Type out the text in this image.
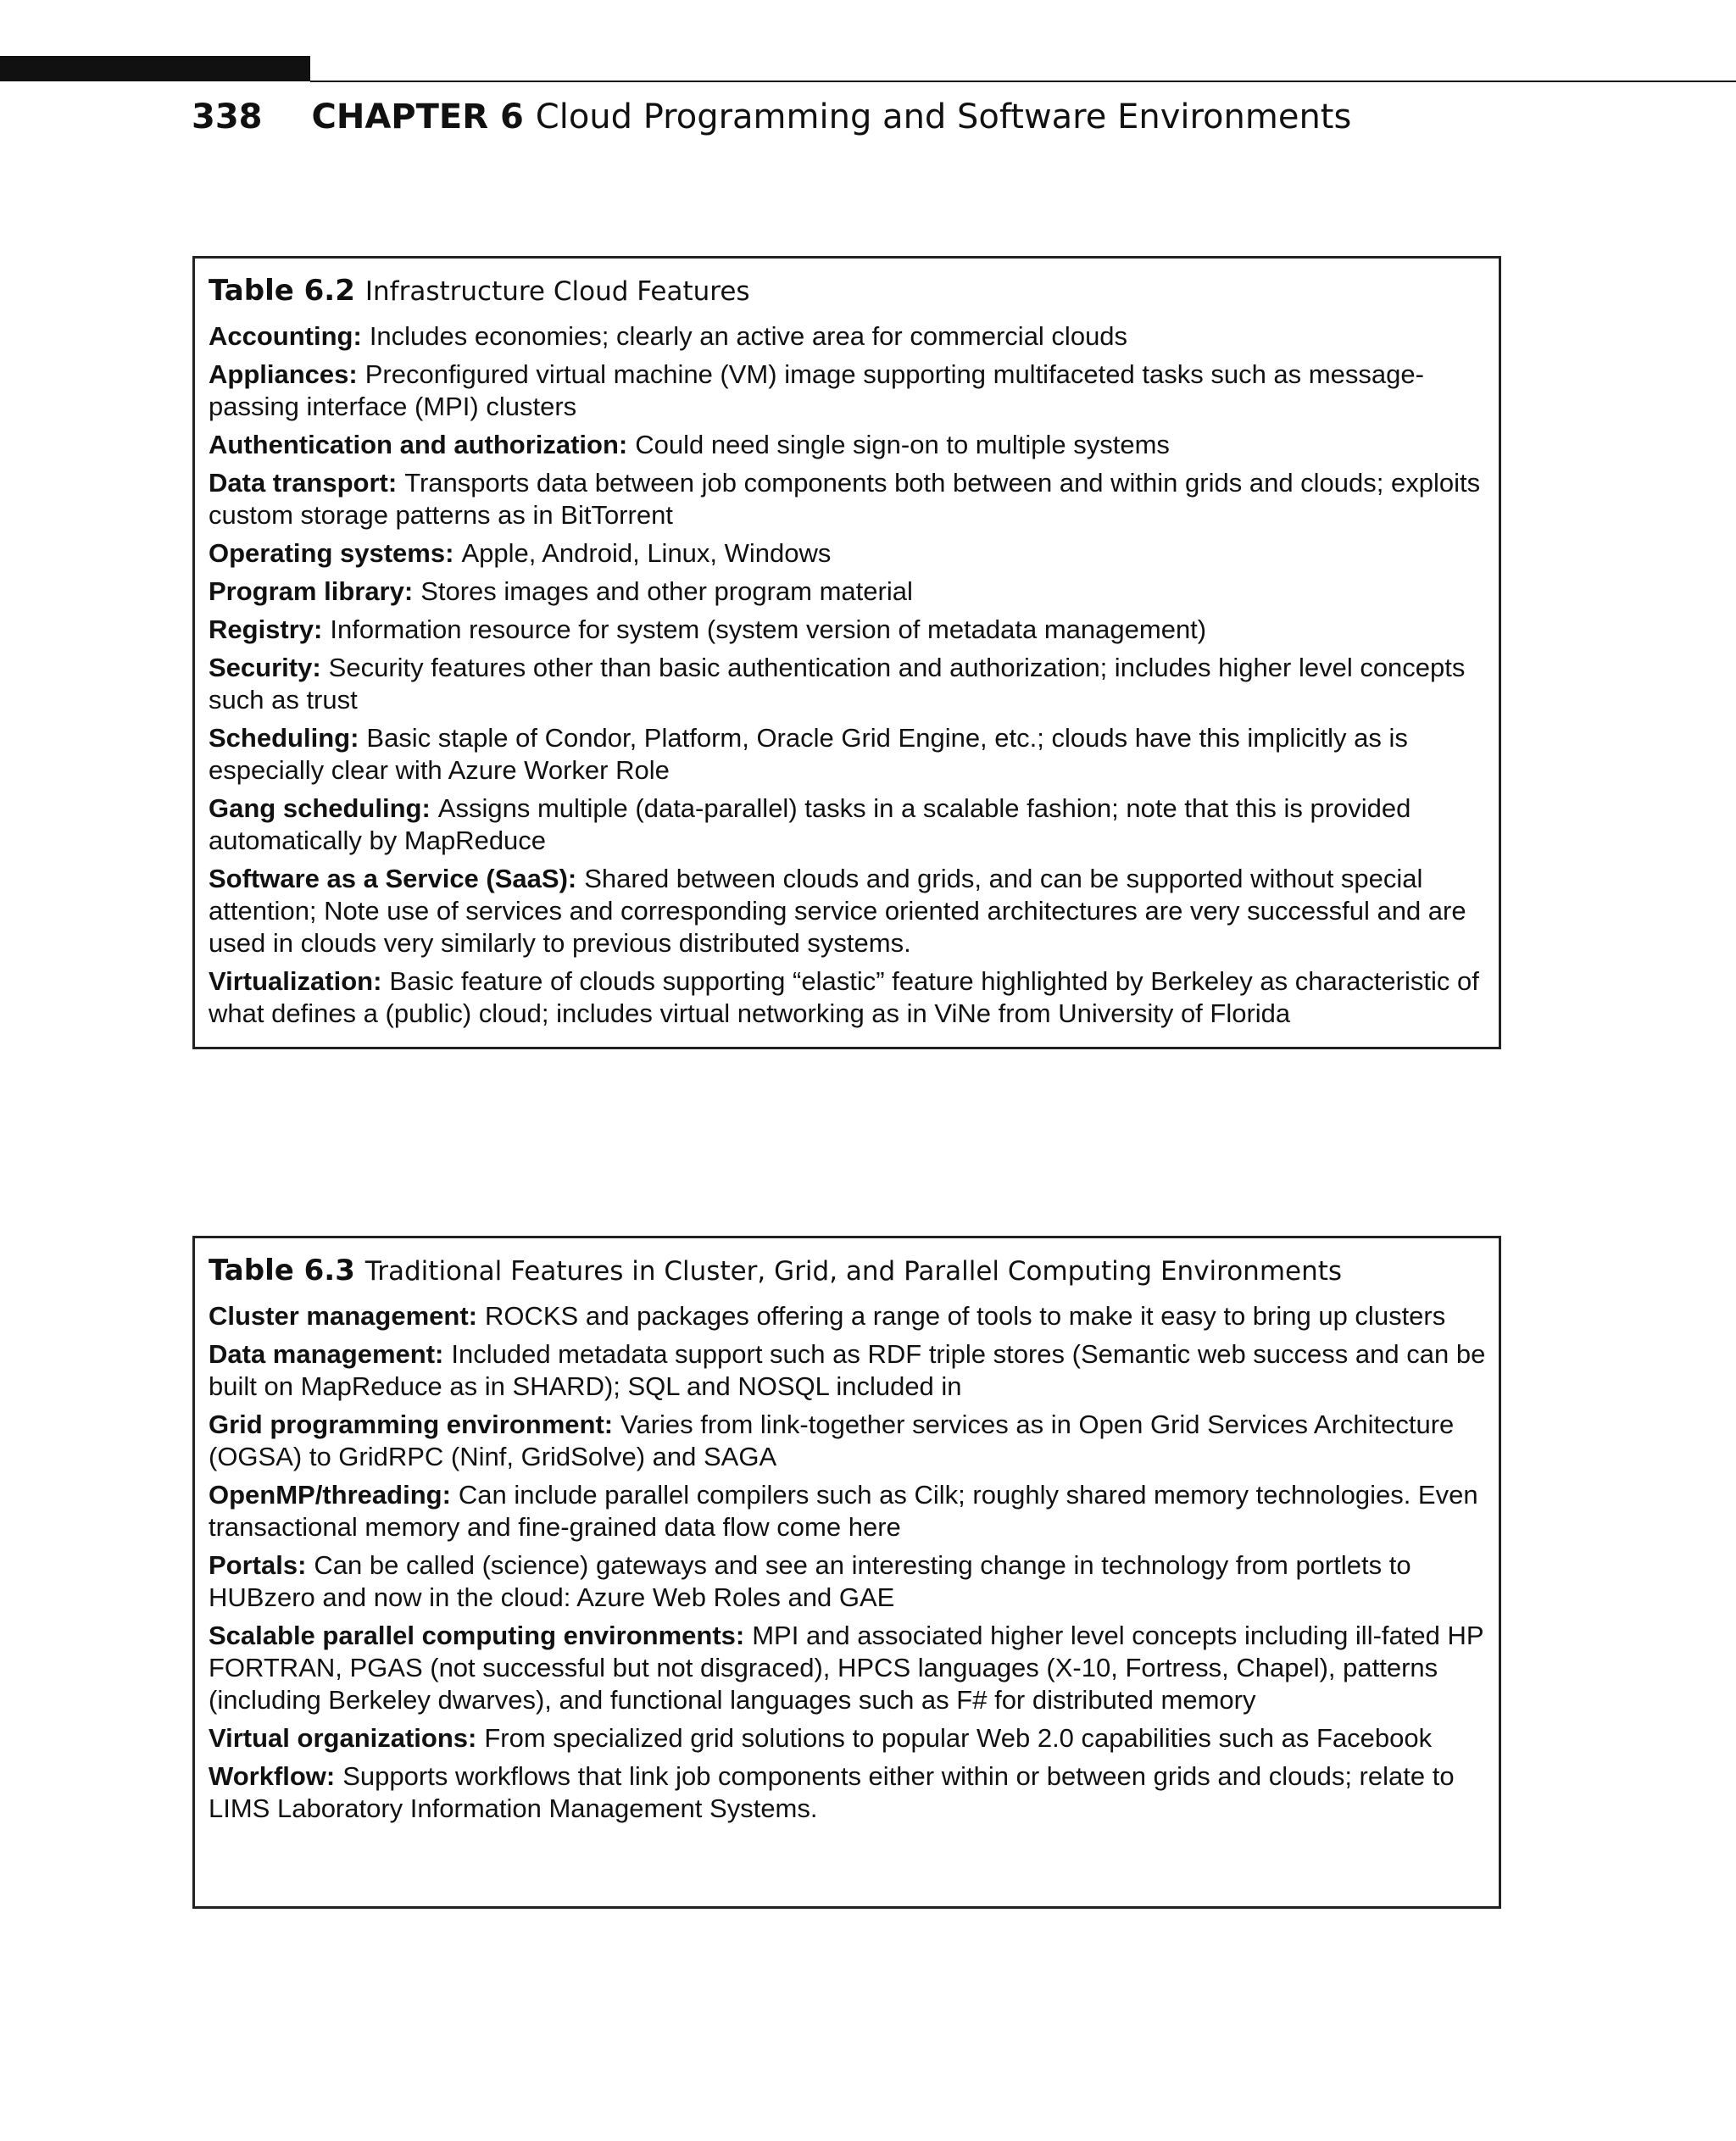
338 CHAPTER 6 Cloud Programming and Software Environments
Table 6.2 Infrastructure Cloud Features

Accounting: Includes economies; clearly an active area for commercial clouds

Appliances: Preconfigured virtual machine (VM) image supporting multifaceted tasks such as message-passing interface (MPI) clusters

Authentication and authorization: Could need single sign-on to multiple systems

Data transport: Transports data between job components both between and within grids and clouds; exploits custom storage patterns as in BitTorrent

Operating systems: Apple, Android, Linux, Windows

Program library: Stores images and other program material

Registry: Information resource for system (system version of metadata management)

Security: Security features other than basic authentication and authorization; includes higher level concepts such as trust

Scheduling: Basic staple of Condor, Platform, Oracle Grid Engine, etc.; clouds have this implicitly as is especially clear with Azure Worker Role

Gang scheduling: Assigns multiple (data-parallel) tasks in a scalable fashion; note that this is provided automatically by MapReduce

Software as a Service (SaaS): Shared between clouds and grids, and can be supported without special attention; Note use of services and corresponding service oriented architectures are very successful and are used in clouds very similarly to previous distributed systems.

Virtualization: Basic feature of clouds supporting “elastic” feature highlighted by Berkeley as characteristic of what defines a (public) cloud; includes virtual networking as in ViNe from University of Florida

Table 6.3 Traditional Features in Cluster, Grid, and Parallel Computing Environments

Cluster management: ROCKS and packages offering a range of tools to make it easy to bring up clusters

Data management: Included metadata support such as RDF triple stores (Semantic web success and can be built on MapReduce as in SHARD); SQL and NOSQL included in

Grid programming environment: Varies from link-together services as in Open Grid Services Architecture (OGSA) to GridRPC (Ninf, GridSolve) and SAGA

OpenMP/threading: Can include parallel compilers such as Cilk; roughly shared memory technologies. Even transactional memory and fine-grained data flow come here

Portals: Can be called (science) gateways and see an interesting change in technology from portlets to HUBzero and now in the cloud: Azure Web Roles and GAE

Scalable parallel computing environments: MPI and associated higher level concepts including ill-fated HP FORTRAN, PGAS (not successful but not disgraced), HPCS languages (X-10, Fortress, Chapel), patterns (including Berkeley dwarves), and functional languages such as F# for distributed memory

Virtual organizations: From specialized grid solutions to popular Web 2.0 capabilities such as Facebook

Workflow: Supports workflows that link job components either within or between grids and clouds; relate to LIMS Laboratory Information Management Systems.
